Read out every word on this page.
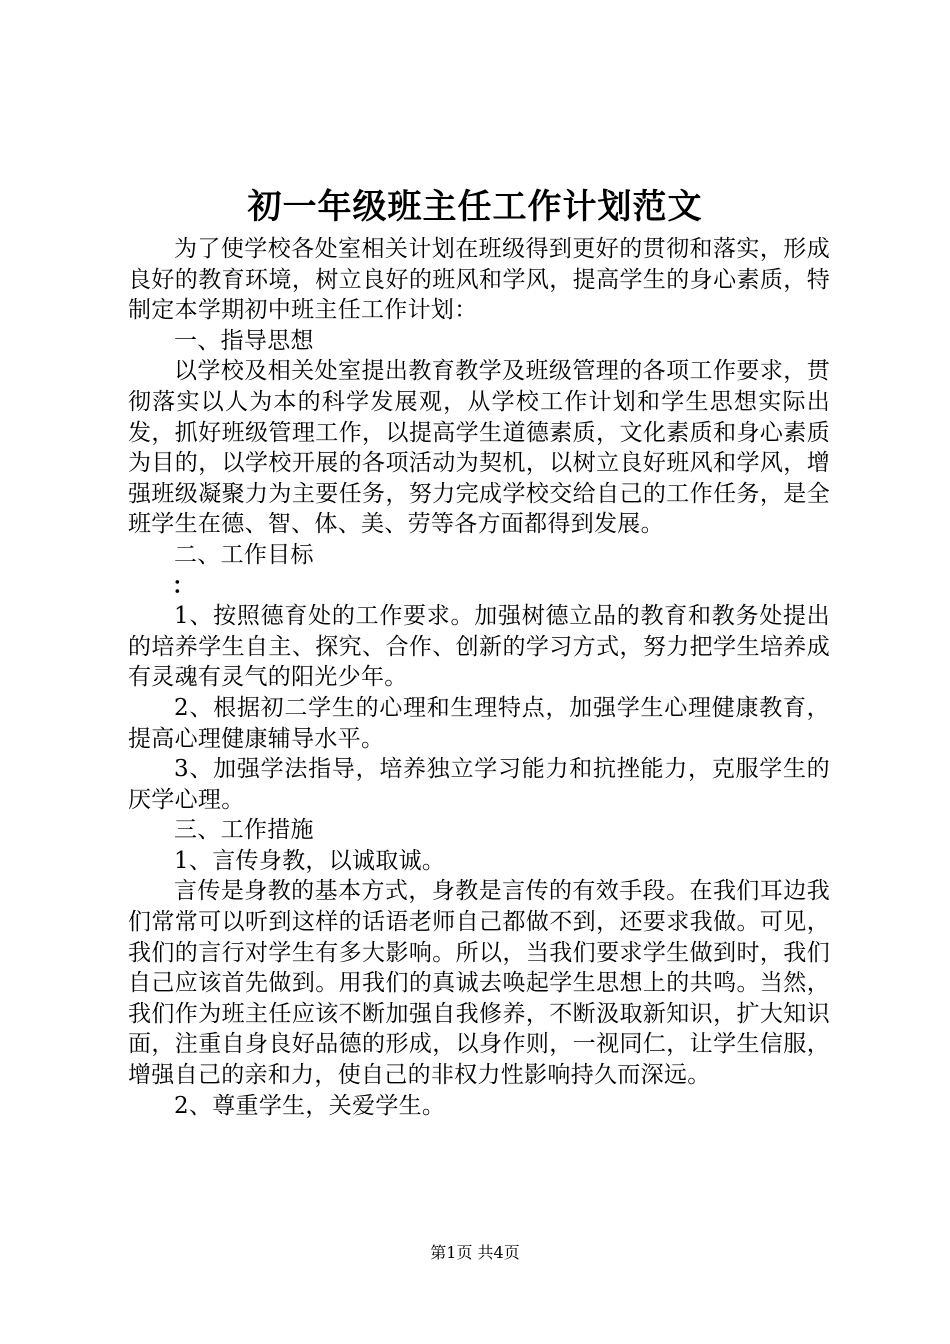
初一年级班主任工作计划范文

为了使学校各处室相关计划在班级得到更好的贯彻和落实，形成良好的教育环境，树立良好的班风和学风，提高学生的身心素质，特制定本学期初中班主任工作计划：

一、指导思想

以学校及相关处室提出教育教学及班级管理的各项工作要求，贯彻落实以人为本的科学发展观，从学校工作计划和学生思想实际出发，抓好班级管理工作，以提高学生道德素质，文化素质和身心素质为目的，以学校开展的各项活动为契机，以树立良好班风和学风，增强班级凝聚力为主要任务，努力完成学校交给自己的工作任务，是全班学生在德、智、体、美、劳等各方面都得到发展。

二、工作目标

：

1、按照德育处的工作要求。加强树德立品的教育和教务处提出的培养学生自主、探究、合作、创新的学习方式，努力把学生培养成有灵魂有灵气的阳光少年。

2、根据初二学生的心理和生理特点，加强学生心理健康教育，提高心理健康辅导水平。

3、加强学法指导，培养独立学习能力和抗挫能力，克服学生的厌学心理。

三、工作措施

1、言传身教，以诚取诚。

言传是身教的基本方式，身教是言传的有效手段。在我们耳边我们常常可以听到这样的话语老师自己都做不到，还要求我做。可见，我们的言行对学生有多大影响。所以，当我们要求学生做到时，我们自己应该首先做到。用我们的真诚去唤起学生思想上的共鸣。当然，我们作为班主任应该不断加强自我修养，不断汲取新知识，扩大知识面，注重自身良好品德的形成，以身作则，一视同仁，让学生信服，增强自己的亲和力，使自己的非权力性影响持久而深远。

2、尊重学生，关爱学生。

第1页 共4页
